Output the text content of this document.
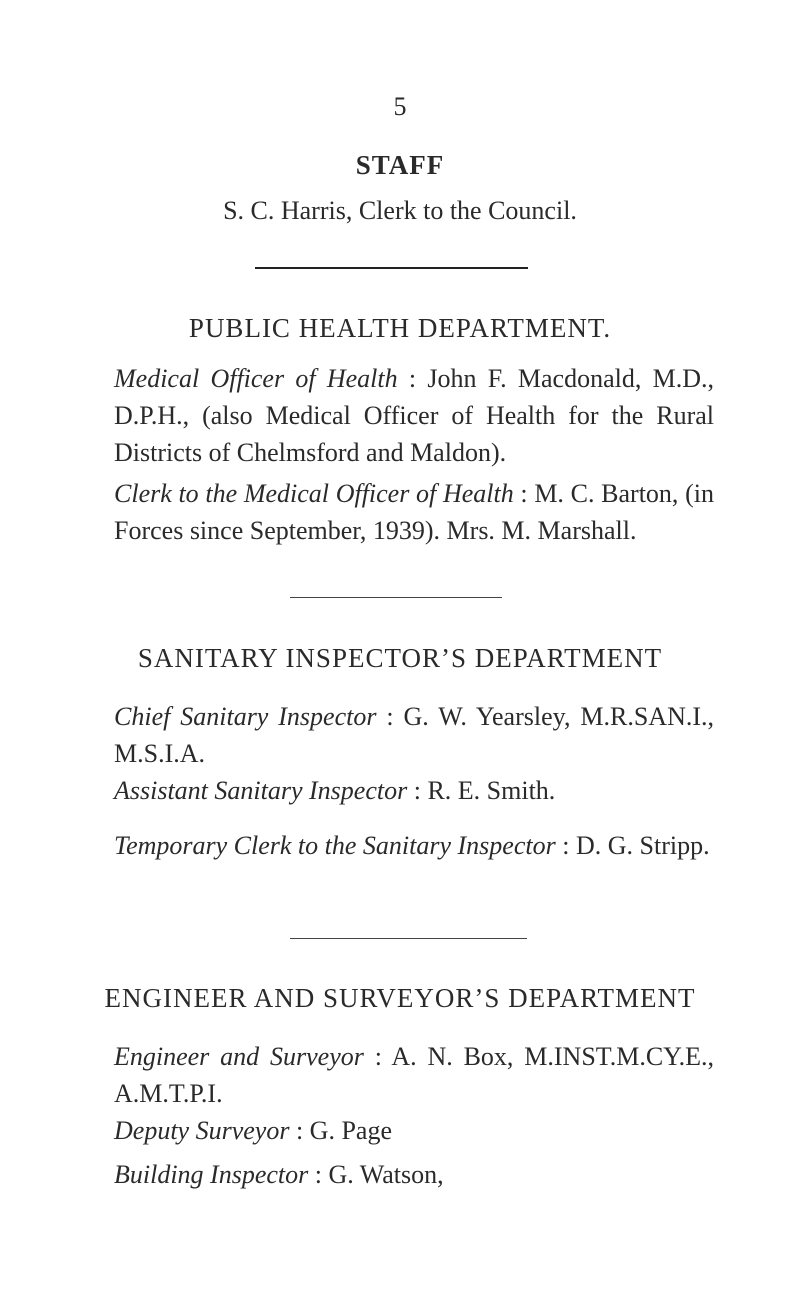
5
STAFF
S. C. Harris, Clerk to the Council.
PUBLIC HEALTH DEPARTMENT.
Medical Officer of Health : John F. Macdonald, M.D., D.P.H., (also Medical Officer of Health for the Rural Districts of Chelmsford and Maldon).
Clerk to the Medical Officer of Health : M. C. Barton, (in Forces since September, 1939). Mrs. M. Marshall.
SANITARY INSPECTOR’S DEPARTMENT
Chief Sanitary Inspector : G. W. Yearsley, M.R.SAN.I., M.S.I.A.
Assistant Sanitary Inspector : R. E. Smith.
Temporary Clerk to the Sanitary Inspector : D. G. Stripp.
ENGINEER AND SURVEYOR’S DEPARTMENT
Engineer and Surveyor : A. N. Box, M.INST.M.CY.E., A.M.T.P.I.
Deputy Surveyor : G. Page
Building Inspector : G. Watson,
